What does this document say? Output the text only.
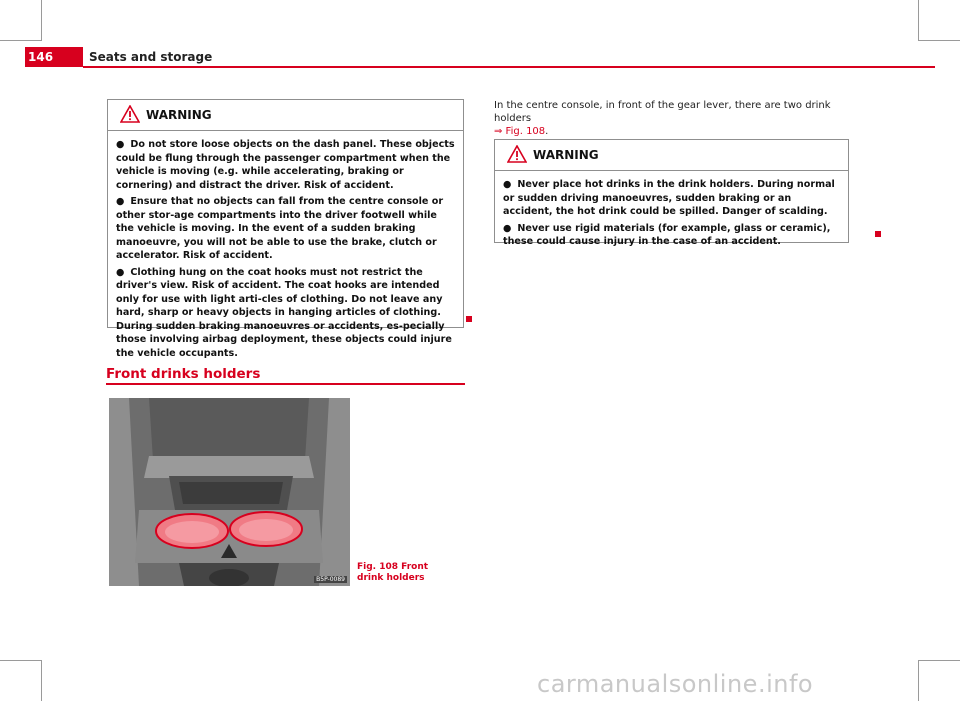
146	Seats and storage
WARNING
● Do not store loose objects on the dash panel. These objects could be flung through the passenger compartment when the vehicle is moving (e.g. while accelerating, braking or cornering) and distract the driver. Risk of accident.
● Ensure that no objects can fall from the centre console or other stor-age compartments into the driver footwell while the vehicle is moving. In the event of a sudden braking manoeuvre, you will not be able to use the brake, clutch or accelerator. Risk of accident.
● Clothing hung on the coat hooks must not restrict the driver's view. Risk of accident. The coat hooks are intended only for use with light arti-cles of clothing. Do not leave any hard, sharp or heavy objects in hanging articles of clothing. During sudden braking manoeuvres or accidents, es-pecially those involving airbag deployment, these objects could injure the vehicle occupants.
Front drinks holders
B5P-0089
Fig. 108 Front drink holders
In the centre console, in front of the gear lever, there are two drink holders
⇒ Fig. 108.
WARNING
● Never place hot drinks in the drink holders. During normal or sudden driving manoeuvres, sudden braking or an accident, the hot drink could be spilled. Danger of scalding.
● Never use rigid materials (for example, glass or ceramic), these could cause injury in the case of an accident.
carmanualsonline.info
